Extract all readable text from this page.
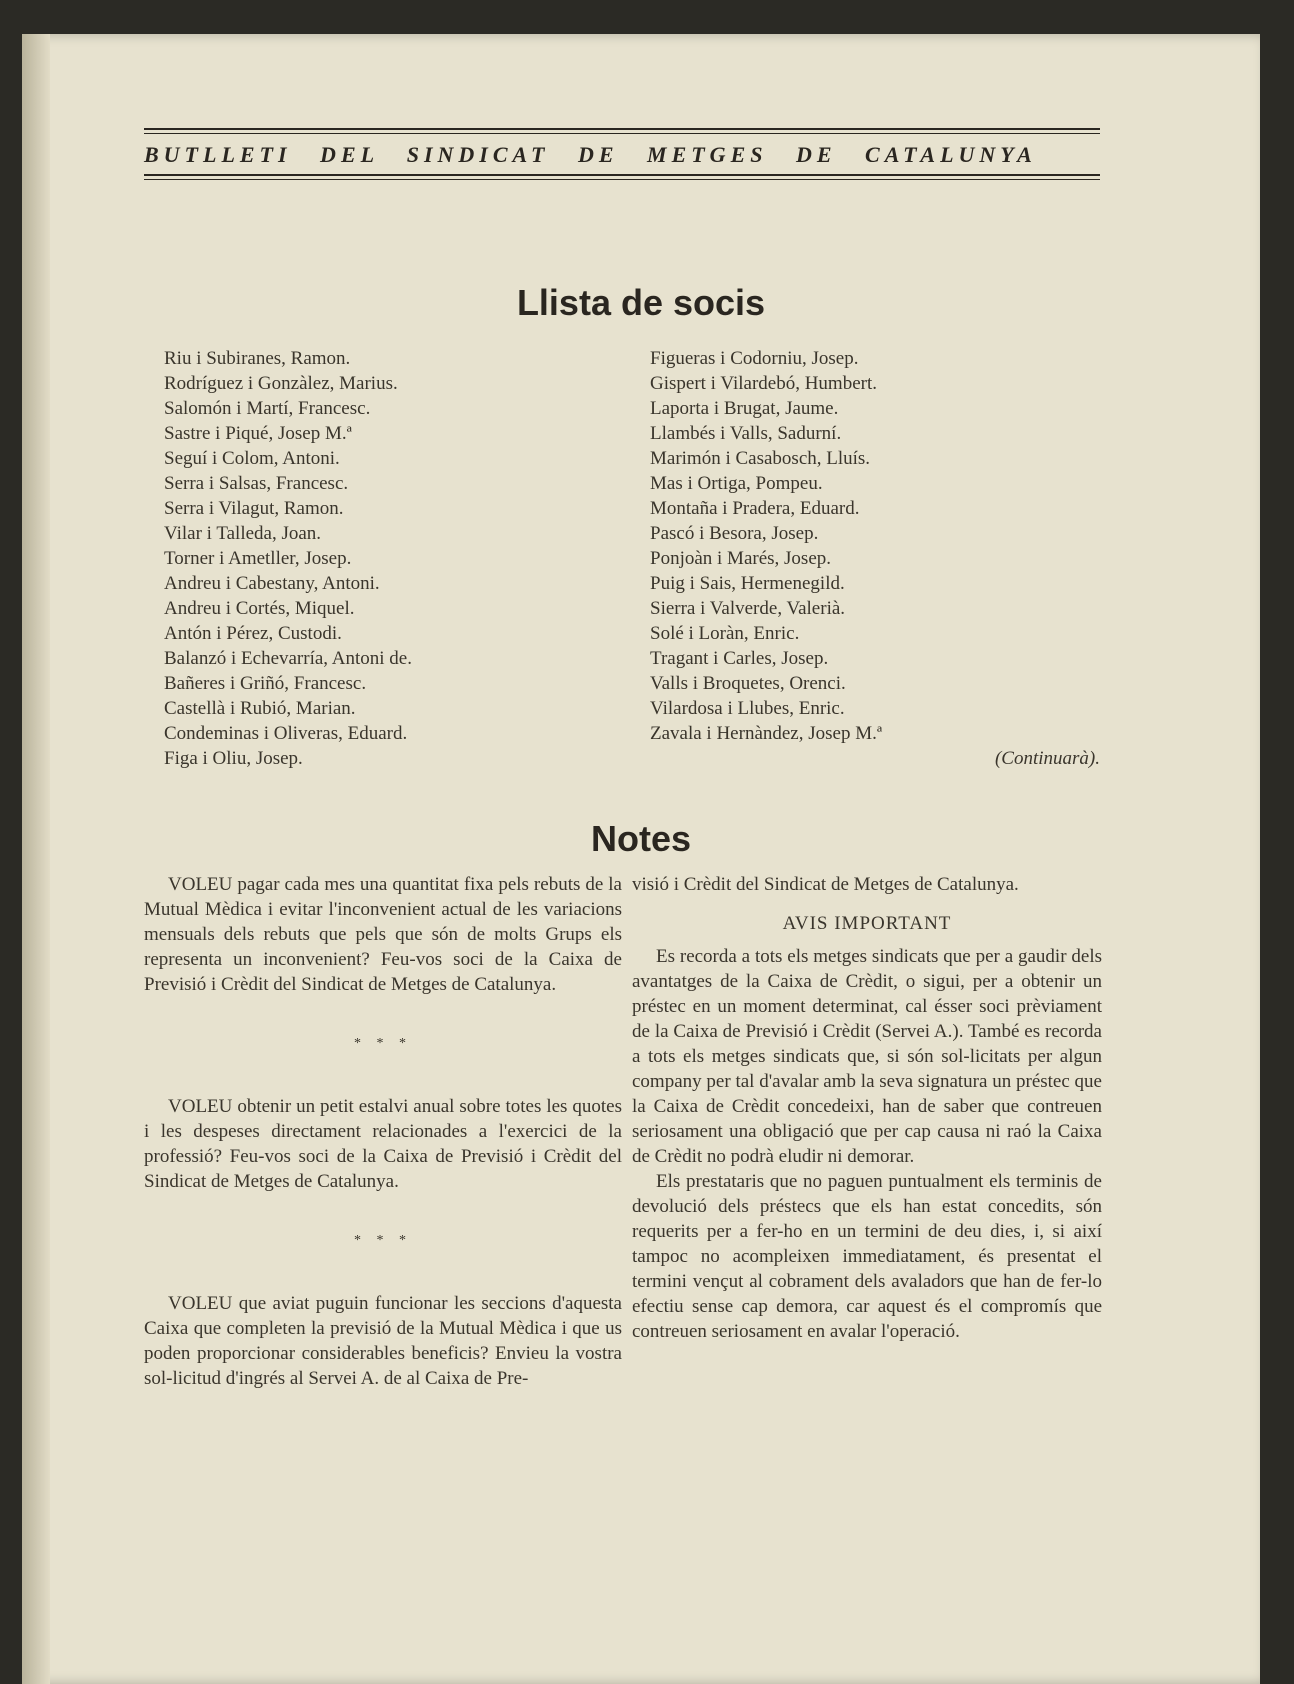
BUTLLETI DEL SINDICAT DE METGES DE CATALUNYA
Llista de socis
Riu i Subiranes, Ramon.
Rodríguez i Gonzàlez, Marius.
Salomón i Martí, Francesc.
Sastre i Piqué, Josep M.ª
Seguí i Colom, Antoni.
Serra i Salsas, Francesc.
Serra i Vilagut, Ramon.
Vilar i Talleda, Joan.
Torner i Ametller, Josep.
Andreu i Cabestany, Antoni.
Andreu i Cortés, Miquel.
Antón i Pérez, Custodi.
Balanzó i Echevarría, Antoni de.
Bañeres i Griñó, Francesc.
Castellà i Rubió, Marian.
Condeminas i Oliveras, Eduard.
Figa i Oliu, Josep.
Figueras i Codorniu, Josep.
Gispert i Vilardebó, Humbert.
Laporta i Brugat, Jaume.
Llambés i Valls, Sadurní.
Marimón i Casabosch, Lluís.
Mas i Ortiga, Pompeu.
Montaña i Pradera, Eduard.
Pascó i Besora, Josep.
Ponjoàn i Marés, Josep.
Puig i Sais, Hermenegild.
Sierra i Valverde, Valerià.
Solé i Loràn, Enric.
Tragant i Carles, Josep.
Valls i Broquetes, Orenci.
Vilardosa i Llubes, Enric.
Zavala i Hernàndez, Josep M.ª
(Continuarà).
Notes

VOLEU pagar cada mes una quantitat fixa pels rebuts de la Mutual Mèdica i evitar l'inconvenient actual de les variacions mensuals dels rebuts que pels que són de molts Grups els representa un inconvenient? Feu-vos soci de la Caixa de Previsió i Crèdit del Sindicat de Metges de Catalunya.

* * *

VOLEU obtenir un petit estalvi anual sobre totes les quotes i les despeses directament relacionades a l'exercici de la professió? Feu-vos soci de la Caixa de Previsió i Crèdit del Sindicat de Metges de Catalunya.

* * *

VOLEU que aviat puguin funcionar les seccions d'aquesta Caixa que completen la previsió de la Mutual Mèdica i que us poden proporcionar considerables beneficis? Envieu la vostra sol-licitud d'ingrés al Servei A. de al Caixa de Pre-

visió i Crèdit del Sindicat de Metges de Catalunya.

AVIS IMPORTANT

Es recorda a tots els metges sindicats que per a gaudir dels avantatges de la Caixa de Crèdit, o sigui, per a obtenir un préstec en un moment determinat, cal ésser soci prèviament de la Caixa de Previsió i Crèdit (Servei A.). També es recorda a tots els metges sindicats que, si són sol-licitats per algun company per tal d'avalar amb la seva signatura un préstec que la Caixa de Crèdit concedeixi, han de saber que contreuen seriosament una obligació que per cap causa ni raó la Caixa de Crèdit no podrà eludir ni demorar.

Els prestataris que no paguen puntualment els terminis de devolució dels préstecs que els han estat concedits, són requerits per a fer-ho en un termini de deu dies, i, si així tampoc no acompleixen immediatament, és presentat el termini vençut al cobrament dels avaladors que han de fer-lo efectiu sense cap demora, car aquest és el compromís que contreuen seriosament en avalar l'operació.
